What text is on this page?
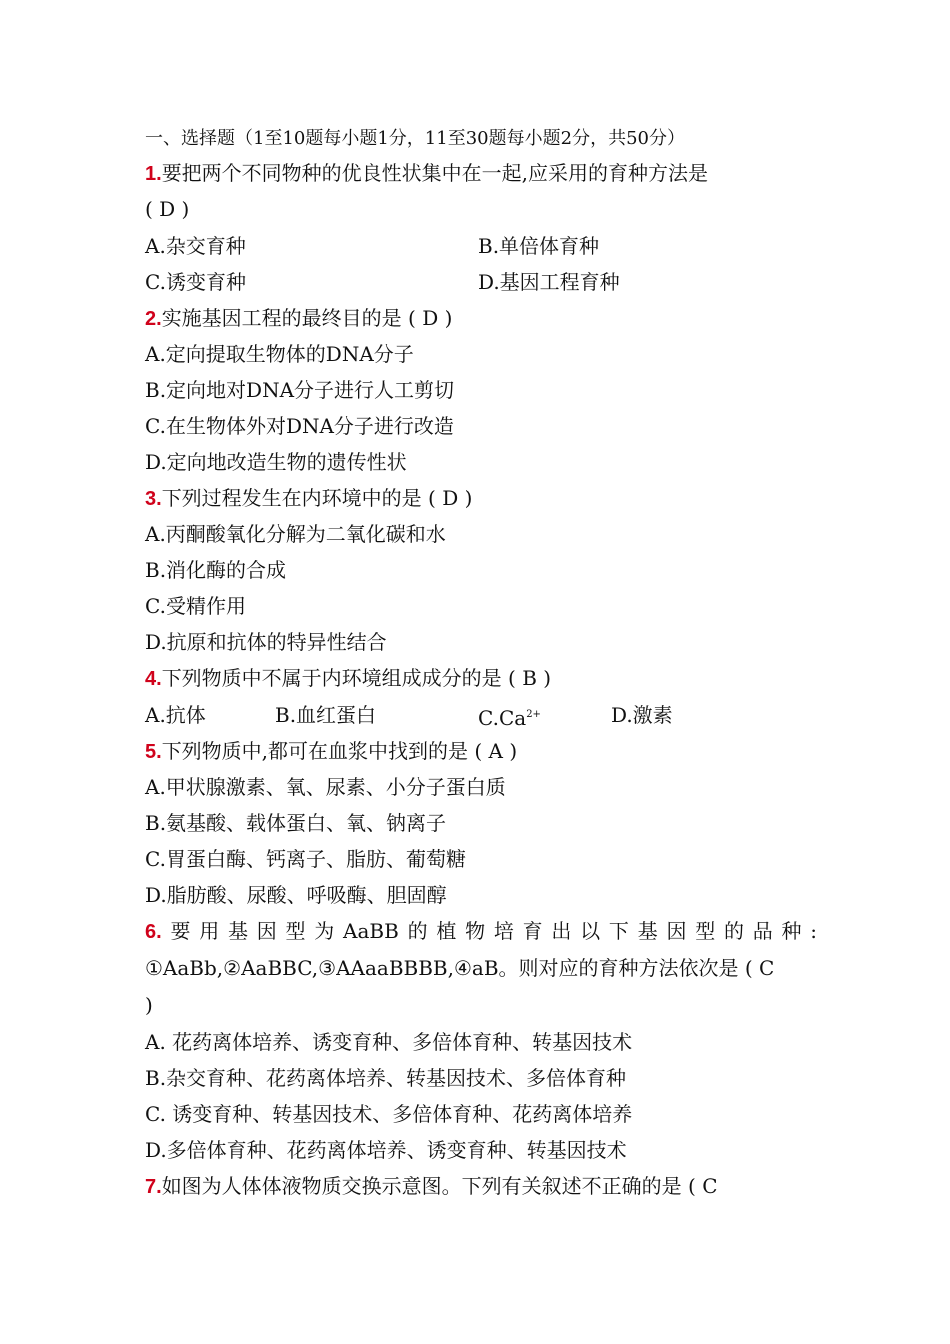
一、选择题（1至10题每小题1分，11至30题每小题2分，共50分）
1.要把两个不同物种的优良性状集中在一起,应采用的育种方法是
( D )
A.杂交育种	B.单倍体育种
C.诱变育种	D.基因工程育种
2.实施基因工程的最终目的是 ( D )
A.定向提取生物体的DNA分子
B.定向地对DNA分子进行人工剪切
C.在生物体外对DNA分子进行改造
D.定向地改造生物的遗传性状
3.下列过程发生在内环境中的是 ( D )
A.丙酮酸氧化分解为二氧化碳和水
B.消化酶的合成
C.受精作用
D.抗原和抗体的特异性结合
4.下列物质中不属于内环境组成成分的是 ( B )
A.抗体	B.血红蛋白	$C.Ca^{2+}$	D.激素
5.下列物质中,都可在血浆中找到的是 ( A )
A.甲状腺激素、氧、尿素、小分子蛋白质
B.氨基酸、载体蛋白、氧、钠离子
C.胃蛋白酶、钙离子、脂肪、葡萄糖
D.脂肪酸、尿酸、呼吸酶、胆固醇
6.要用基因型为AaBB的植物培育出以下基因型的品种:
①AaBb,②AaBBC,③AAaaBBBB,④aB。则对应的育种方法依次是 ( C
)
A. 花药离体培养、诱变育种、多倍体育种、转基因技术
B.杂交育种、花药离体培养、转基因技术、多倍体育种
C. 诱变育种、转基因技术、多倍体育种、花药离体培养
D.多倍体育种、花药离体培养、诱变育种、转基因技术
7.如图为人体体液物质交换示意图。下列有关叙述不正确的是 ( C
